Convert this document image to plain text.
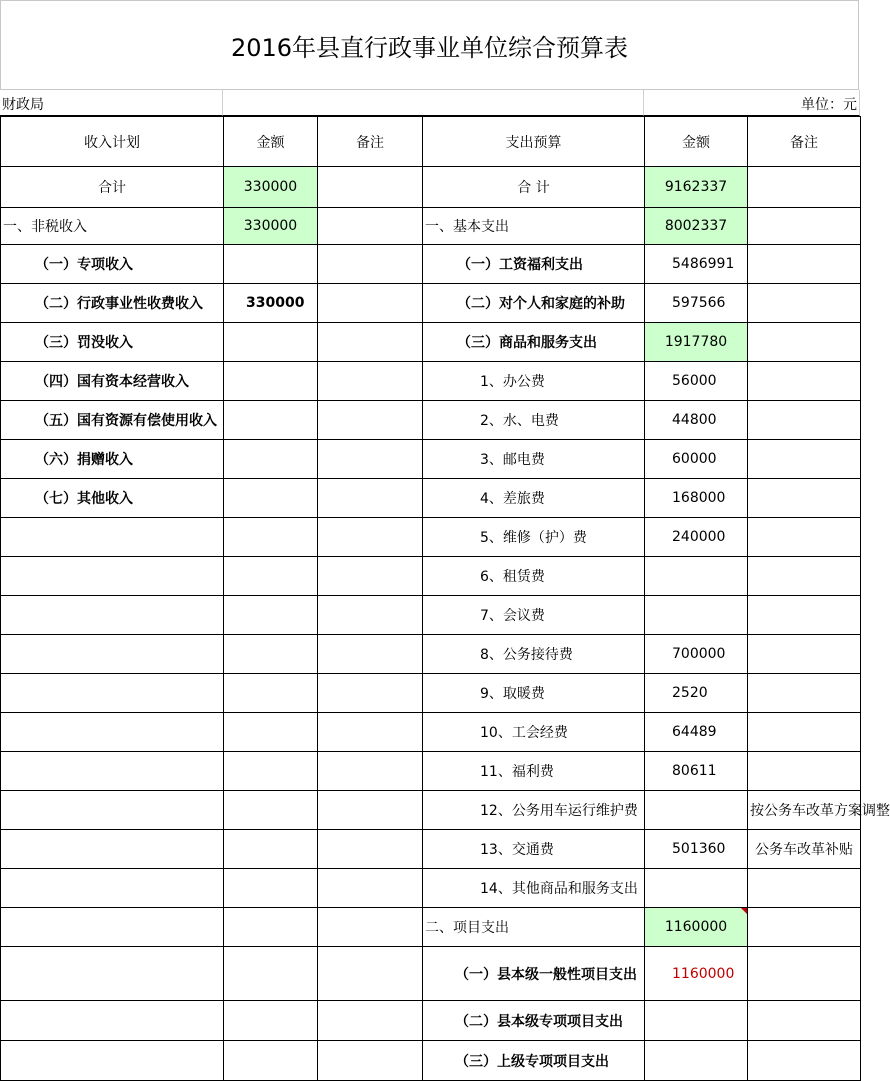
2016年县直行政事业单位综合预算表
财政局	单位：元
收入计划	金额	备注	支出预算	金额	备注
合计	330000		合 计	9162337	
一、非税收入	330000		一、基本支出	8002337	
（一）专项收入			（一）工资福利支出	5486991	
（二）行政事业性收费收入	330000		（二）对个人和家庭的补助	597566	
（三）罚没收入			（三）商品和服务支出	1917780	
（四）国有资本经营收入			1、办公费	56000	
（五）国有资源有偿使用收入			2、水、电费	44800	
（六）捐赠收入			3、邮电费	60000	
（七）其他收入			4、差旅费	168000	
			5、维修（护）费	240000	
			6、租赁费		
			7、会议费		
			8、公务接待费	700000	
			9、取暖费	2520	
			10、工会经费	64489	
			11、福利费	80611	
			12、公务用车运行维护费		按公务车改革方案调整
			13、交通费	501360	公务车改革补贴
			14、其他商品和服务支出		
			二、项目支出	1160000	
			（一）县本级一般性项目支出	1160000	
			（二）县本级专项项目支出		
			（三）上级专项项目支出		
